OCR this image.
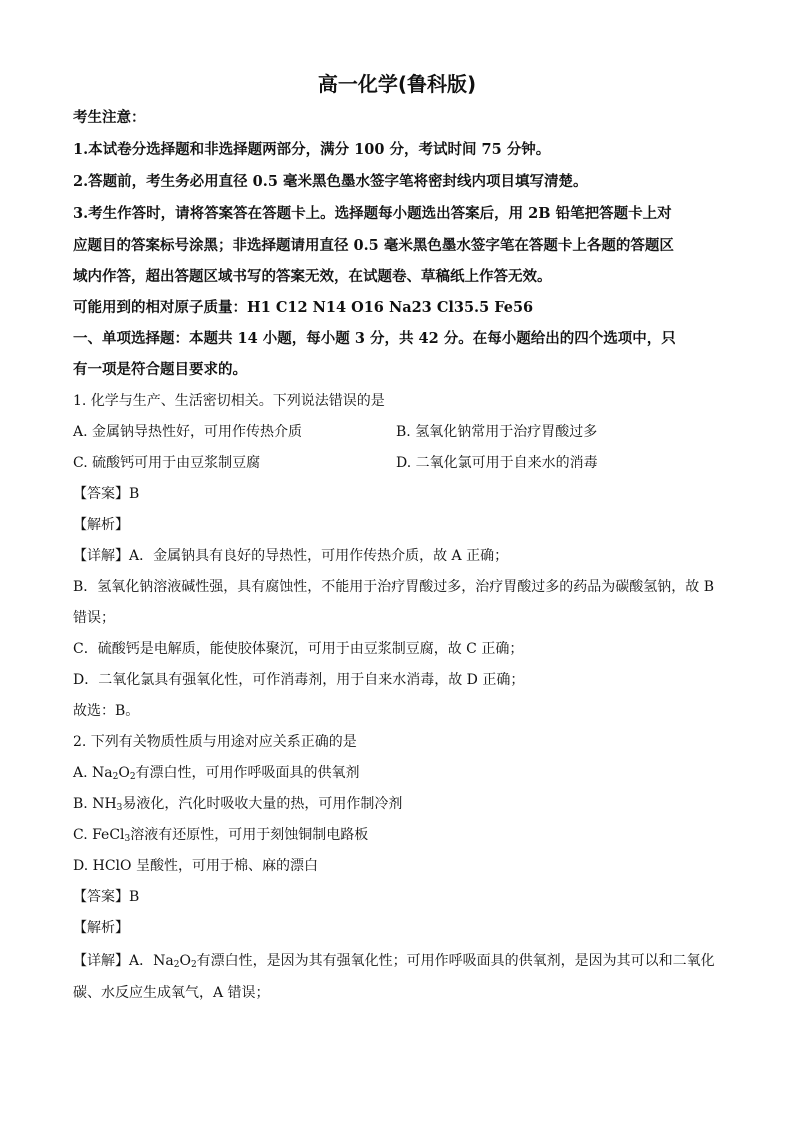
高一化学(鲁科版)
考生注意：
1.本试卷分选择题和非选择题两部分，满分 100 分，考试时间 75 分钟。
2.答题前，考生务必用直径 0.5 毫米黑色墨水签字笔将密封线内项目填写清楚。
3.考生作答时，请将答案答在答题卡上。选择题每小题选出答案后，用 2B 铅笔把答题卡上对
应题目的答案标号涂黑；非选择题请用直径 0.5 毫米黑色墨水签字笔在答题卡上各题的答题区
域内作答，超出答题区域书写的答案无效，在试题卷、草稿纸上作答无效。
可能用到的相对原子质量：H1 C12 N14 O16 Na23 Cl35.5 Fe56
一、单项选择题：本题共 14 小题，每小题 3 分，共 42 分。在每小题给出的四个选项中，只
有一项是符合题目要求的。
1. 化学与生产、生活密切相关。下列说法错误的是
A. 金属钠导热性好，可用作传热介质	B. 氢氧化钠常用于治疗胃酸过多
C. 硫酸钙可用于由豆浆制豆腐	D. 二氧化氯可用于自来水的消毒
【答案】B
【解析】
【详解】A．金属钠具有良好的导热性，可用作传热介质，故 A 正确；
B．氢氧化钠溶液碱性强，具有腐蚀性，不能用于治疗胃酸过多，治疗胃酸过多的药品为碳酸氢钠，故 B
错误；
C．硫酸钙是电解质，能使胶体聚沉，可用于由豆浆制豆腐，故 C 正确；
D．二氧化氯具有强氧化性，可作消毒剂，用于自来水消毒，故 D 正确；
故选：B。
2. 下列有关物质性质与用途对应关系正确的是
A. $Na_2O_2$有漂白性，可用作呼吸面具的供氧剂
B. $NH_3$易液化，汽化时吸收大量的热，可用作制冷剂
C. FeCl$_3$溶液有还原性，可用于刻蚀铜制电路板
D. HClO 呈酸性，可用于棉、麻的漂白
【答案】B
【解析】
【详解】A．$Na_2O_2$有漂白性，是因为其有强氧化性；可用作呼吸面具的供氧剂，是因为其可以和二氧化
碳、水反应生成氧气，A 错误；
